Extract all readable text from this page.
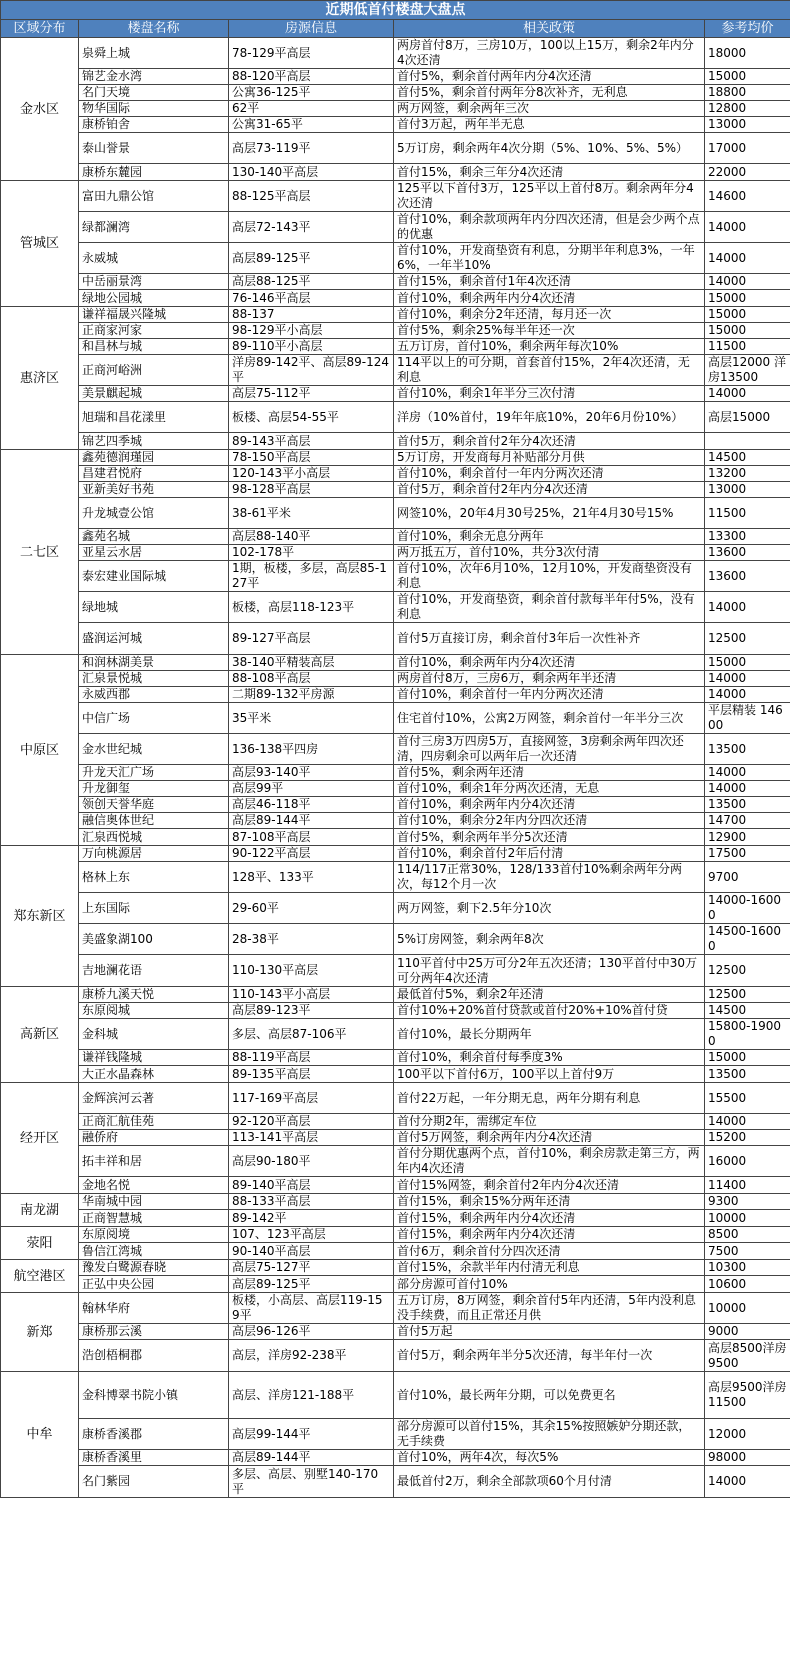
近期低首付楼盘大盘点				
区域分布	楼盘名称	房源信息	相关政策	参考均价
金水区	泉舜上城	78-129平高层	两房首付8万，三房10万，100以上15万，剩余2年内分4次还清	18000
	锦艺金水湾	88-120平高层	首付5%，剩余首付两年内分4次还清	15000
	名门天境	公寓36-125平	首付5%，剩余首付两年分8次补齐，无利息	18800
	物华国际	62平	两万网签，剩余两年三次	12800
	康桥铂舍	公寓31-65平	首付3万起，两年半无息	13000
	泰山誉景	高层73-119平	5万订房，剩余两年4次分期（5%、10%、5%、5%）	17000
	康桥东麓园	130-140平高层	首付15%，剩余三年分4次还清	22000
管城区	富田九鼎公馆	88-125平高层	125平以下首付3万，125平以上首付8万。剩余两年分4次还清	14600
	绿都澜湾	高层72-143平	首付10%，剩余款项两年内分四次还清，但是会少两个点的优惠	14000
	永威城	高层89-125平	首付10%，开发商垫资有利息，分期半年利息3%，一年6%，一年半10%	14000
	中岳丽景湾	高层88-125平	首付15%，剩余首付1年4次还清	14000
	绿地公园城	76-146平高层	首付10%，剩余两年内分4次还清	15000
惠济区	谦祥福晟兴隆城	88-137	首付10%，剩余分2年还清，每月还一次	15000
	正商家河家	98-129平小高层	首付5%，剩余25%每半年还一次	15000
	和昌林与城	89-110平小高层	五万订房，首付10%，剩余两年每次10%	11500
	正商河峪洲	洋房89-142平、高层89-124平	114平以上的可分期，首套首付15%，2年4次还清，无利息	高层12000 洋房13500
	美景麒起城	高层75-112平	首付10%，剩余1年半分三次付清	14000
	旭瑞和昌花漾里	板楼、高层54-55平	洋房（10%首付，19年年底10%，20年6月份10%）	高层15000
	锦艺四季城	89-143平高层	首付5万，剩余首付2年分4次还清	
二七区	鑫苑德润瑾园	78-150平高层	5万订房，开发商每月补贴部分月供	14500
	昌建君悦府	120-143平小高层	首付10%，剩余首付一年内分两次还清	13200
	亚新美好书苑	98-128平高层	首付5万，剩余首付2年内分4次还清	13000
	升龙城壹公馆	38-61平米	网签10%，20年4月30号25%，21年4月30号15%	11500
	鑫苑名城	高层88-140平	首付10%，剩余无息分两年	13300
	亚星云水居	102-178平	两万抵五万，首付10%，共分3次付清	13600
	泰宏建业国际城	1期，板楼，多层，高层85-127平	首付10%，次年6月10%，12月10%，开发商垫资没有利息	13600
	绿地城	板楼，高层118-123平	首付10%，开发商垫资，剩余首付款每半年付5%，没有利息	14000
	盛润运河城	89-127平高层	首付5万直接订房，剩余首付3年后一次性补齐	12500
中原区	和润林湖美景	38-140平精装高层	首付10%，剩余两年内分4次还清	15000
	汇泉景悦城	88-108平高层	两房首付8万，三房6万，剩余两年半还清	14000
	永威西郡	二期89-132平房源	首付10%，剩余首付一年内分两次还清	14000
	中信广场	35平米	住宅首付10%，公寓2万网签，剩余首付一年半分三次	平层精装 14600
	金水世纪城	136-138平四房	首付三房3万四房5万，直接网签，3房剩余两年四次还清，四房剩余可以两年后一次还清	13500
	升龙天汇广场	高层93-140平	首付5%，剩余两年还清	14000
	升龙御玺	高层99平	首付10%，剩余1年分两次还清，无息	14000
	领创天誉华庭	高层46-118平	首付10%，剩余两年内分4次还清	13500
	融信奥体世纪	高层89-144平	首付10%，剩余分2年内分四次还清	14700
	汇泉西悦城	87-108平高层	首付5%，剩余两年半分5次还清	12900
郑东新区	万向桃源居	90-122平高层	首付10%，剩余首付2年后付清	17500
	格林上东	128平、133平	114/117正常30%，128/133首付10%剩余两年分两次，每12个月一次	9700
	上东国际	29-60平	两万网签，剩下2.5年分10次	14000-16000
	美盛象湖100	28-38平	5%订房网签，剩余两年8次	14500-16000
	吉地澜花语	110-130平高层	110平首付中25万可分2年五次还清；130平首付中30万可分两年4次还清	12500
高新区	康桥九溪天悦	110-143平小高层	最低首付5%，剩余2年还清	12500
	东原阅城	高层89-123平	首付10%+20%首付贷款或首付20%+10%首付贷	14500
	金科城	多层、高层87-106平	首付10%，最长分期两年	15800-19000
	谦祥钱隆城	88-119平高层	首付10%，剩余首付每季度3%	15000
	大正水晶森林	89-135平高层	100平以下首付6万，100平以上首付9万	13500
经开区	金辉滨河云著	117-169平高层	首付22万起，一年分期无息，两年分期有利息	15500
	正商汇航佳苑	92-120平高层	首付分期2年，需绑定车位	14000
	融侨府	113-141平高层	首付5万网签，剩余两年内分4次还清	15200
	拓丰祥和居	高层90-180平	首付分期优惠两个点，首付10%，剩余房款走第三方，两年内4次还清	16000
	金地名悦	89-140平高层	首付15%网签，剩余首付2年内分4次还清	11400
南龙湖	华南城中园	88-133平高层	首付15%，剩余15%分两年还清	9300
	正商智慧城	89-142平	首付15%，剩余两年内分4次还清	10000
荥阳	东原阅境	107、123平高层	首付15%，剩余两年内分4次还清	8500
	鲁信江湾城	90-140平高层	首付6万，剩余首付分四次还清	7500
航空港区	豫发白鹭源春晓	高层75-127平	首付15%，余款半年内付清无利息	10300
	正弘中央公园	高层89-125平	部分房源可首付10%	10600
新郑	翰林华府	板楼，小高层、高层119-159平	五万订房，8万网签，剩余首付5年内还清，5年内没利息没手续费，而且正常还月供	10000
	康桥那云溪	高层96-126平	首付5万起	9000
	浩创梧桐郡	高层，洋房92-238平	首付5万，剩余两年半分5次还清，每半年付一次	高层8500洋房9500
中牟	金科博翠书院小镇	高层、洋房121-188平	首付10%，最长两年分期，可以免费更名	高层9500洋房11500
	康桥香溪郡	高层99-144平	部分房源可以首付15%，其余15%按照嫉妒分期还款，无手续费	12000
	康桥香溪里	高层89-144平	首付10%，两年4次，每次5%	98000
	名门紫园	多层、高层、别墅140-170平	最低首付2万，剩余全部款项60个月付清	14000
